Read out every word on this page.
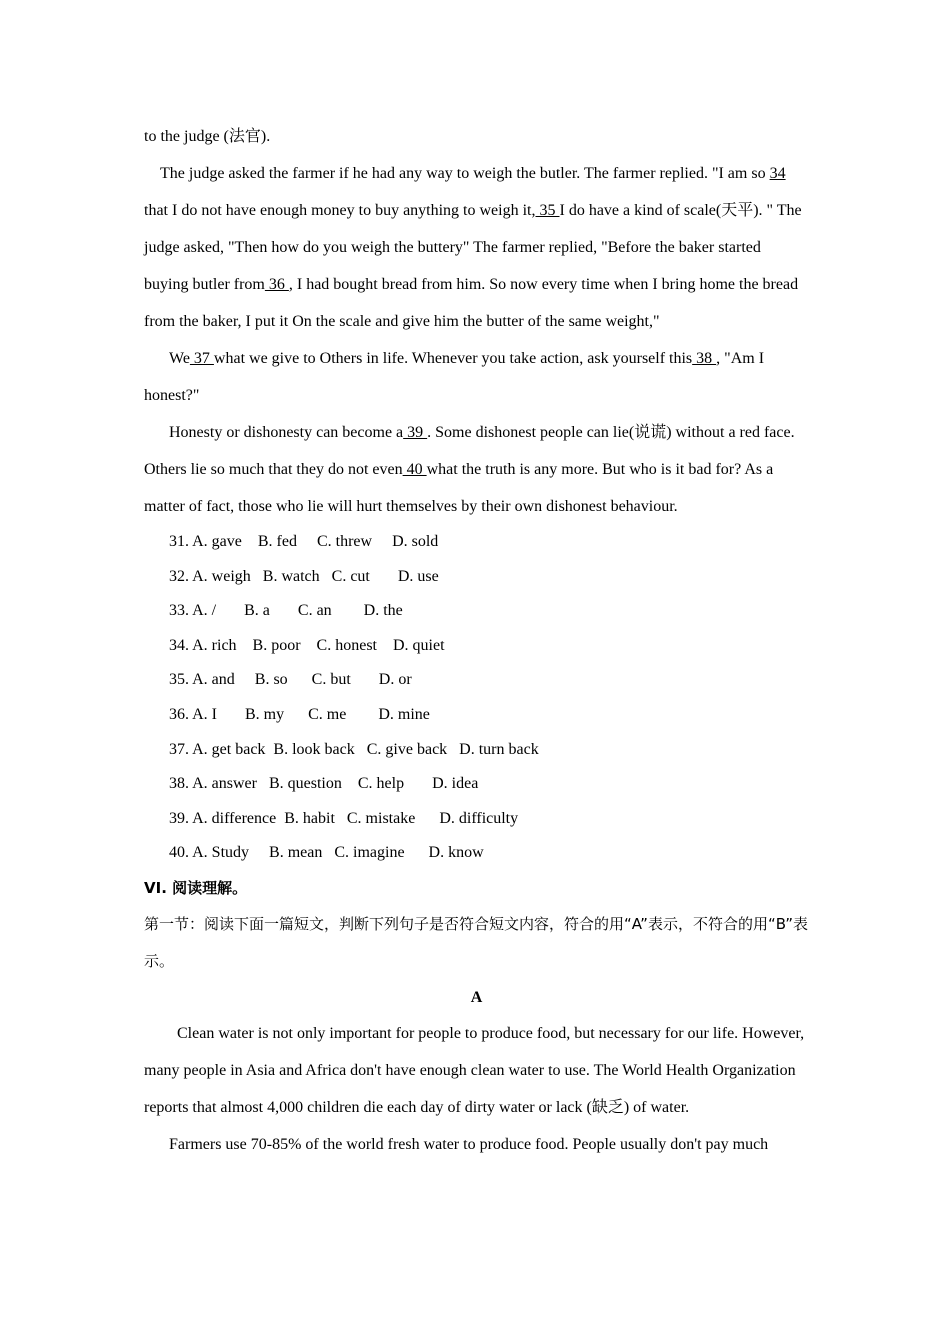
to the judge (法官).

The judge asked the farmer if he had any way to weigh the butler. The farmer replied. "I am so 34 that I do not have enough money to buy anything to weigh it, 35 I do have a kind of scale(天平). " The judge asked, "Then how do you weigh the buttery" The farmer replied, "Before the baker started buying butler from 36 , I had bought bread from him. So now every time when I bring home the bread from the baker, I put it On the scale and give him the butter of the same weight,"

We 37 what we give to Others in life. Whenever you take action, ask yourself this 38 , "Am I honest?"

Honesty or dishonesty can become a 39 . Some dishonest people can lie(说谎) without a red face. Others lie so much that they do not even 40 what the truth is any more. But who is it bad for? As a matter of fact, those who lie will hurt themselves by their own dishonest behaviour.

31. A. gave    B. fed     C. threw     D. sold

32. A. weigh   B. watch   C. cut       D. use

33. A. /       B. a       C. an        D. the

34. A. rich    B. poor    C. honest    D. quiet

35. A. and     B. so      C. but       D. or

36. A. I       B. my      C. me        D. mine

37. A. get back  B. look back   C. give back   D. turn back

38. A. answer   B. question    C. help       D. idea

39. A. difference  B. habit   C. mistake      D. difficulty

40. A. Study     B. mean   C. imagine      D. know

VI. 阅读理解。

第一节：阅读下面一篇短文，判断下列句子是否符合短文内容，符合的用“A”表示，不符合的用“B”表示。

A

Clean water is not only important for people to produce food, but necessary for our life. However, many people in Asia and Africa don't have enough clean water to use. The World Health Organization reports that almost 4,000 children die each day of dirty water or lack (缺乏) of water.

Farmers use 70-85% of the world fresh water to produce food. People usually don't pay much
